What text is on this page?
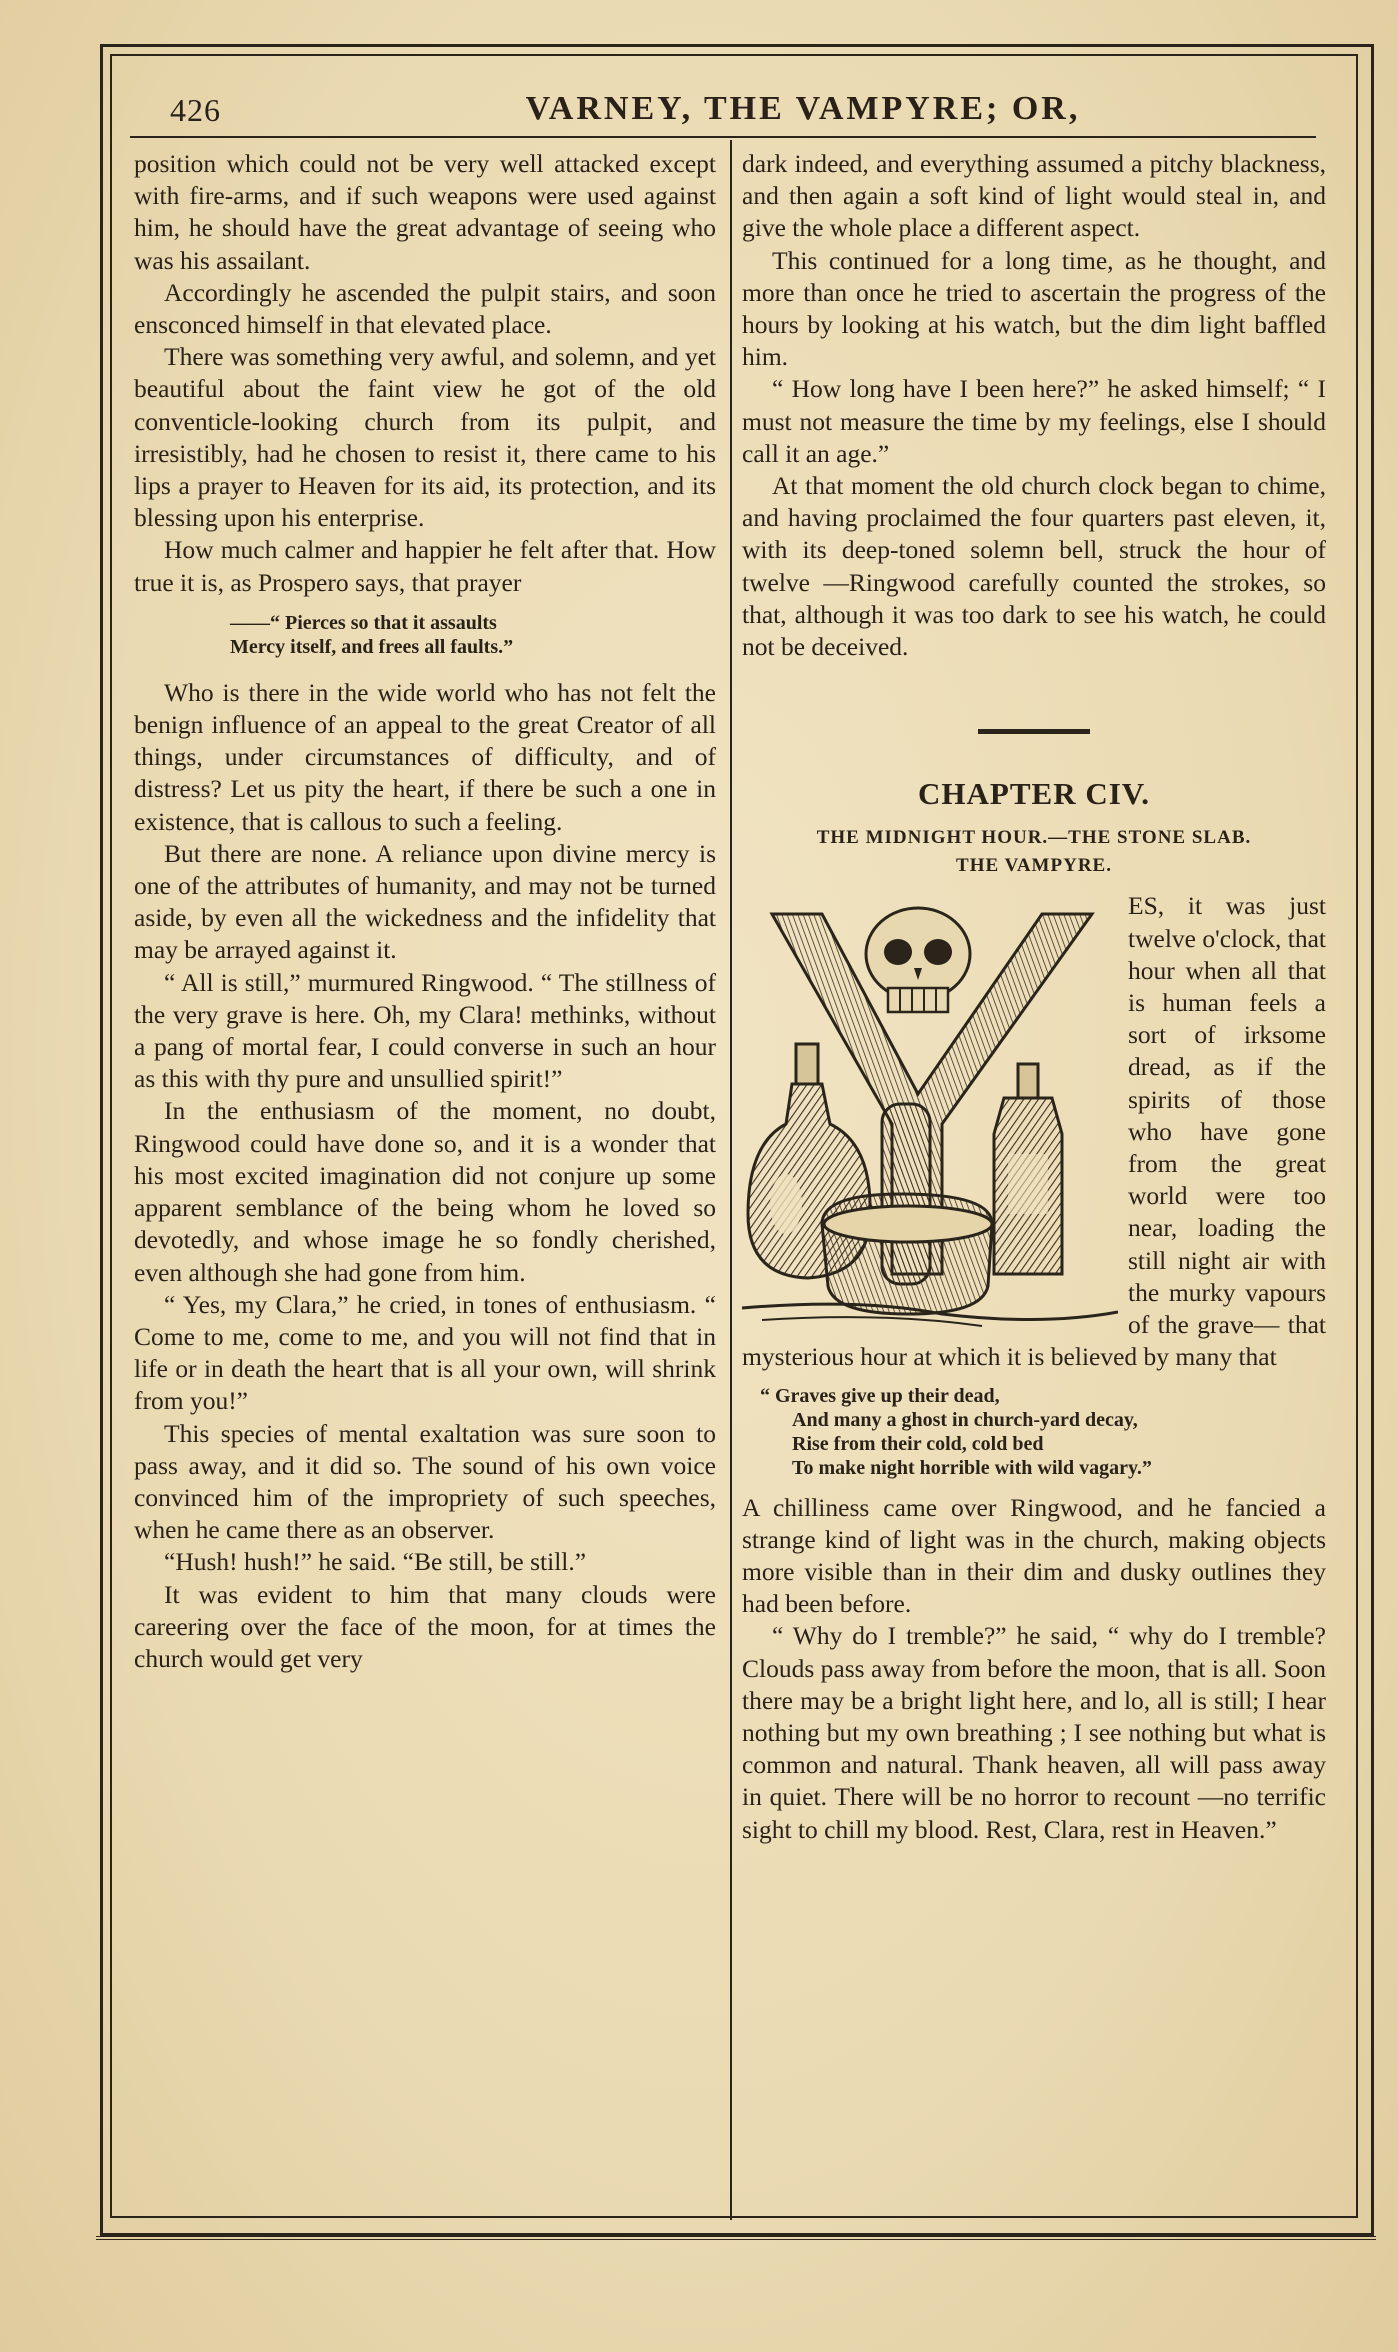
426	VARNEY, THE VAMPYRE; OR,

position which could not be very well attacked except with fire-arms, and if such weapons were used against him, he should have the great advantage of seeing who was his assailant.

Accordingly he ascended the pulpit stairs, and soon ensconced himself in that elevated place.

There was something very awful, and solemn, and yet beautiful about the faint view he got of the old conventicle-looking church from its pulpit, and irresistibly, had he chosen to resist it, there came to his lips a prayer to Heaven for its aid, its protection, and its blessing upon his enterprise.

How much calmer and happier he felt after that. How true it is, as Prospero says, that prayer

——“ Pierces so that it assaults
Mercy itself, and frees all faults.”

Who is there in the wide world who has not felt the benign influence of an appeal to the great Creator of all things, under circumstances of difficulty, and of distress? Let us pity the heart, if there be such a one in existence, that is callous to such a feeling.

But there are none. A reliance upon divine mercy is one of the attributes of humanity, and may not be turned aside, by even all the wickedness and the infidelity that may be arrayed against it.

“ All is still,” murmured Ringwood. “ The stillness of the very grave is here. Oh, my Clara! methinks, without a pang of mortal fear, I could converse in such an hour as this with thy pure and unsullied spirit!”

In the enthusiasm of the moment, no doubt, Ringwood could have done so, and it is a wonder that his most excited imagination did not conjure up some apparent semblance of the being whom he loved so devotedly, and whose image he so fondly cherished, even although she had gone from him.

“ Yes, my Clara,” he cried, in tones of enthusiasm. “ Come to me, come to me, and you will not find that in life or in death the heart that is all your own, will shrink from you!”

This species of mental exaltation was sure soon to pass away, and it did so. The sound of his own voice convinced him of the impropriety of such speeches, when he came there as an observer.

“Hush! hush!” he said. “Be still, be still.”

It was evident to him that many clouds were careering over the face of the moon, for at times the church would get very

dark indeed, and everything assumed a pitchy blackness, and then again a soft kind of light would steal in, and give the whole place a different aspect.

This continued for a long time, as he thought, and more than once he tried to ascertain the progress of the hours by looking at his watch, but the dim light baffled him.

“ How long have I been here?” he asked himself; “ I must not measure the time by my feelings, else I should call it an age.”

At that moment the old church clock began to chime, and having proclaimed the four quarters past eleven, it, with its deep-toned solemn bell, struck the hour of twelve —Ringwood carefully counted the strokes, so that, although it was too dark to see his watch, he could not be deceived.

CHAPTER CIV.
THE MIDNIGHT HOUR.—THE STONE SLAB.
THE VAMPYRE.

ES, it was just twelve o'clock, that hour when all that is human feels a sort of irksome dread, as if the spirits of those who have gone from the great world were too near, loading the still night air with the murky vapours of the grave— that mysterious hour at which it is believed by many that

“ Graves give up their dead,
And many a ghost in church-yard decay,
Rise from their cold, cold bed
To make night horrible with wild vagary.”

A chilliness came over Ringwood, and he fancied a strange kind of light was in the church, making objects more visible than in their dim and dusky outlines they had been before.

“ Why do I tremble?” he said, “ why do I tremble? Clouds pass away from before the moon, that is all. Soon there may be a bright light here, and lo, all is still; I hear nothing but my own breathing ; I see nothing but what is common and natural. Thank heaven, all will pass away in quiet. There will be no horror to recount —no terrific sight to chill my blood. Rest, Clara, rest in Heaven.”
